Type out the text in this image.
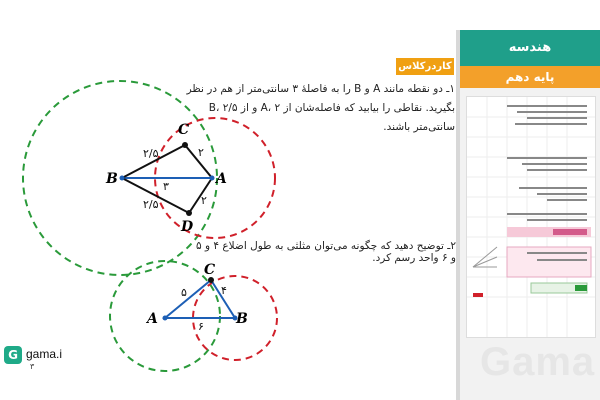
کاردرکلاس
۱ـ دو نقطه مانند A و B را به فاصلهٔ ۳ سانتی‌متر از هم در نظر بگیرید. نقاطی را بیابید که فاصله‌شان از A، ۲ و از B، ۲/۵ سانتی‌متر باشند.
۲ـ توضیح دهید که چگونه می‌توان مثلثی به طول اضلاع ۴ و ۵ و ۶ واحد رسم کرد.
B	A
C
D
۲/۵
۲/۵
۲
۲
۳
A	B
C
۵	۴
۶
G gama.i
۳
هندسه
پایه دهم
Gama
